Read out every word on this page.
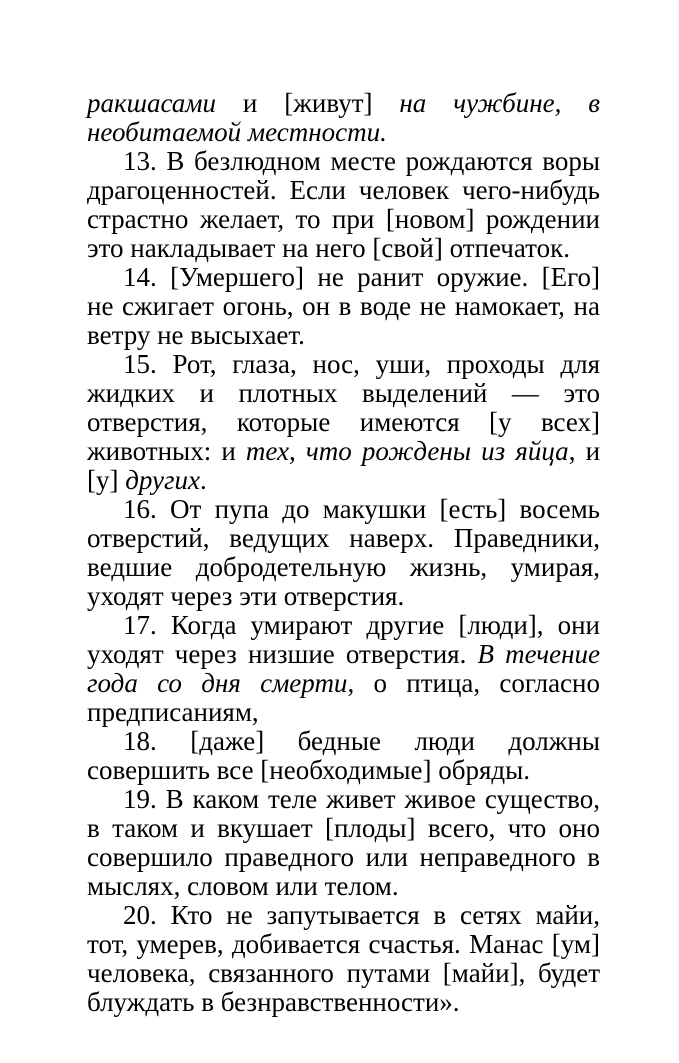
ракшасами и [живут] на чужбине, в необитаемой местности.

13. В безлюдном месте рождаются воры драгоценностей. Если человек чего-нибудь страстно желает, то при [новом] рождении это накладывает на него [свой] отпечаток.

14. [Умершего] не ранит оружие. [Его] не сжигает огонь, он в воде не намокает, на ветру не высыхает.

15. Рот, глаза, нос, уши, проходы для жидких и плотных выделений — это отверстия, которые имеются [у всех] животных: и тех, что рождены из яйца, и [у] других.

16. От пупа до макушки [есть] восемь отверстий, ведущих наверх. Праведники, ведшие добродетельную жизнь, умирая, уходят через эти отверстия.

17. Когда умирают другие [люди], они уходят через низшие отверстия. В течение года со дня смерти, о птица, согласно предписаниям,

18. [даже] бедные люди должны совершить все [необходимые] обряды.

19. В каком теле живет живое существо, в таком и вкушает [плоды] всего, что оно совершило праведного или неправедного в мыслях, словом или телом.

20. Кто не запутывается в сетях майи, тот, умерев, добивается счастья. Манас [ум] человека, связанного путами [майи], будет блуждать в безнравственности».
